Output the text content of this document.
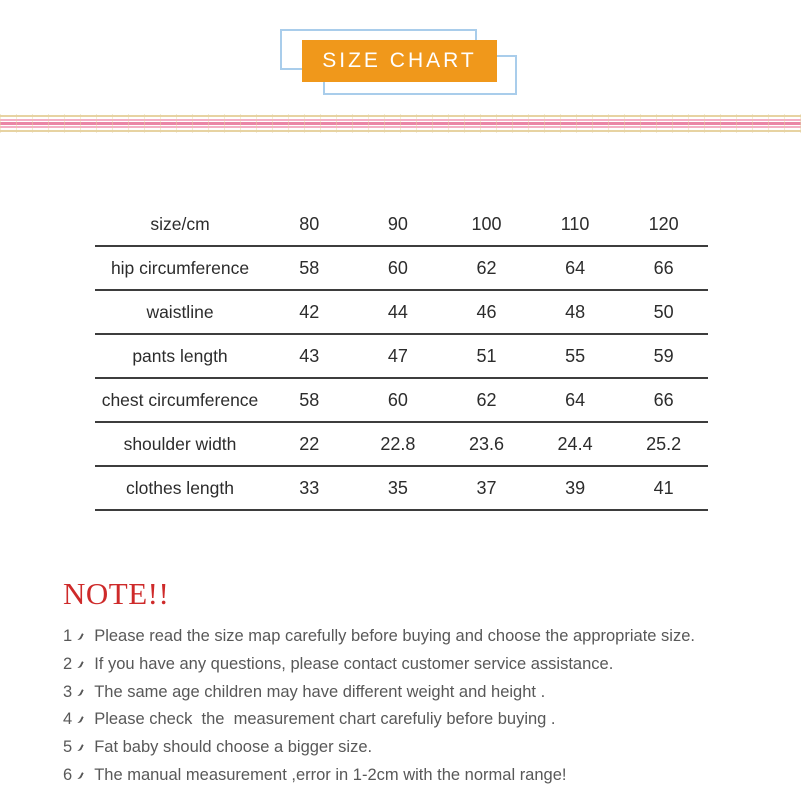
SIZE CHART
size/cm	80	90	100	110	120
hip circumference	58	60	62	64	66
waistline	42	44	46	48	50
pants length	43	47	51	55	59
chest circumference	58	60	62	64	66
shoulder width	22	22.8	23.6	24.4	25.2
clothes length	33	35	37	39	41
NOTE!!
1 Please read the size map carefully before buying and choose the appropriate size.
2 If you have any questions, please contact customer service assistance.
3 The same age children may have different weight and height .
4 Please check  the  measurement chart carefuliy before buying .
5 Fat baby should choose a bigger size.
6 The manual measurement ,error in 1-2cm with the normal range!
